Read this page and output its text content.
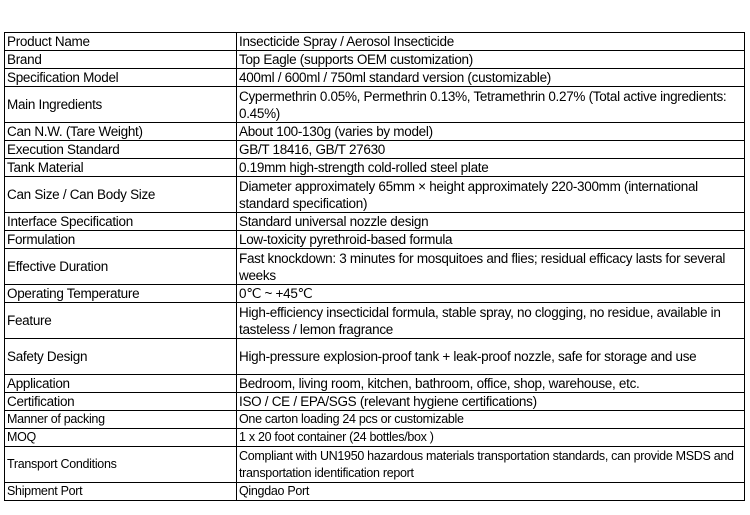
Product Name	Insecticide Spray / Aerosol Insecticide
Brand	Top Eagle (supports OEM customization)
Specification Model	400ml / 600ml / 750ml standard version (customizable)
Main Ingredients	Cypermethrin 0.05%, Permethrin 0.13%, Tetramethrin 0.27% (Total active ingredients: 0.45%)
Can N.W. (Tare Weight)	About 100-130g (varies by model)
Execution Standard	GB/T 18416, GB/T 27630
Tank Material	0.19mm high-strength cold-rolled steel plate
Can Size / Can Body Size	Diameter approximately 65mm × height approximately 220-300mm (international standard specification)
Interface Specification	Standard universal nozzle design
Formulation	Low-toxicity pyrethroid-based formula
Effective Duration	Fast knockdown: 3 minutes for mosquitoes and flies; residual efficacy lasts for several weeks
Operating Temperature	0℃ ~ +45℃
Feature	High-efficiency insecticidal formula, stable spray, no clogging, no residue, available in tasteless / lemon fragrance
Safety Design	High-pressure explosion-proof tank + leak-proof nozzle, safe for storage and use
Application	Bedroom, living room, kitchen, bathroom, office, shop, warehouse, etc.
Certification	ISO / CE / EPA/SGS (relevant hygiene certifications)
Manner of packing	One carton loading 24 pcs or customizable
MOQ	1 x 20 foot container (24 bottles/box )
Transport Conditions	Compliant with UN1950 hazardous materials transportation standards, can provide MSDS and transportation identification report
Shipment Port	Qingdao Port
